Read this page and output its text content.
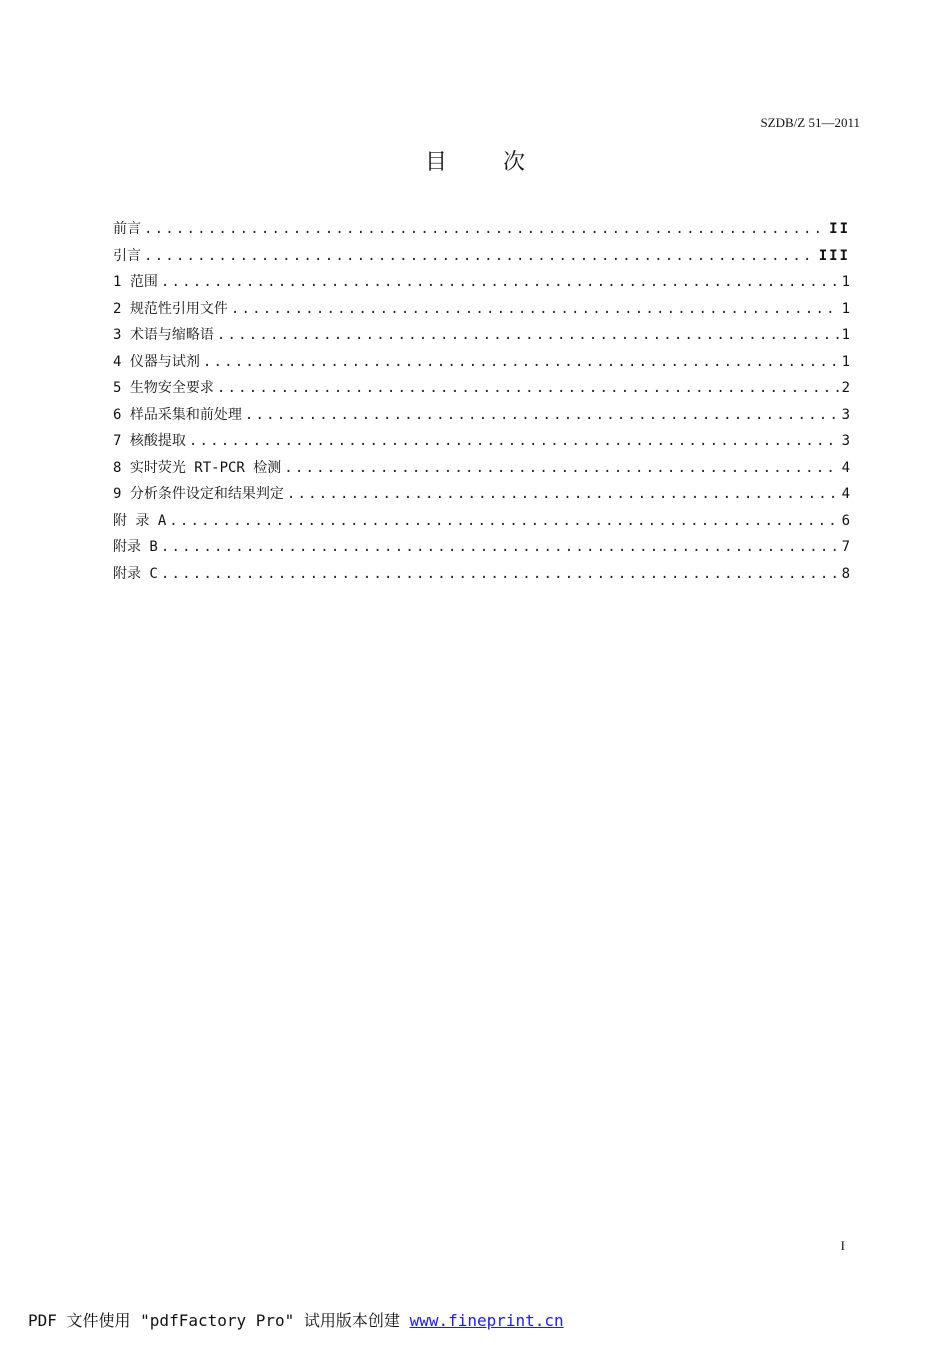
SZDB/Z 51—2011
目次
前言 .....	II
引言 .....	III
1 范围 .....	1
2 规范性引用文件 .....	1
3 术语与缩略语 .....	1
4 仪器与试剂 .....	1
5 生物安全要求 .....	2
6 样品采集和前处理 .....	3
7 核酸提取 .....	3
8 实时荧光 RT-PCR 检测 .....	4
9 分析条件设定和结果判定 .....	4
附 录 A .....	6
附录 B .....	7
附录 C .....	8
I
PDF 文件使用 "pdfFactory Pro" 试用版本创建 www.fineprint.cn
